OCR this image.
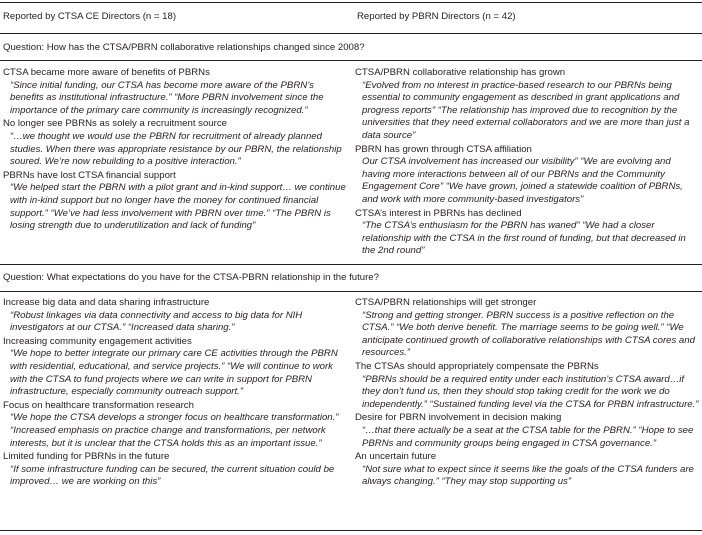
Reported by CTSA CE Directors (n = 18)	Reported by PBRN Directors (n = 42)
Question: How has the CTSA/PBRN collaborative relationships changed since 2008?

CTSA became more aware of benefits of PBRNs

“Since initial funding, our CTSA has become more aware of the PBRN’s benefits as institutional infrastructure.” “More PBRN involvement since the importance of the primary care community is increasingly recognized.”

No longer see PBRNs as solely a recruitment source

“…we thought we would use the PBRN for recruitment of already planned studies. When there was appropriate resistance by our PBRN, the relationship soured. We’re now rebuilding to a positive interaction.”

PBRNs have lost CTSA financial support

“We helped start the PBRN with a pilot grant and in-kind support… we continue with in-kind support but no longer have the money for continued financial support.” “We’ve had less involvement with PBRN over time.” “The PBRN is losing strength due to underutilization and lack of funding”

CTSA/PBRN collaborative relationship has grown

“Evolved from no interest in practice-based research to our PBRNs being essential to community engagement as described in grant applications and progress reports” “The relationship has improved due to recognition by the universities that they need external collaborators and we are more than just a data source”

PBRN has grown through CTSA affiliation

Our CTSA involvement has increased our visibility” “We are evolving and having more interactions between all of our PBRNs and the Community Engagement Core” “We have grown, joined a statewide coalition of PBRNs, and work with more community-based investigators”

CTSA’s interest in PBRNs has declined

“The CTSA’s enthusiasm for the PBRN has waned” “We had a closer relationship with the CTSA in the first round of funding, but that decreased in the 2nd round”

Question: What expectations do you have for the CTSA-PBRN relationship in the future?

Increase big data and data sharing infrastructure

“Robust linkages via data connectivity and access to big data for NIH investigators at our CTSA.” “Increased data sharing.”

Increasing community engagement activities

“We hope to better integrate our primary care CE activities through the PBRN with residential, educational, and service projects.” “We will continue to work with the CTSA to fund projects where we can write in support for PBRN infrastructure, especially community outreach support.”

Focus on healthcare transformation research

“We hope the CTSA develops a stronger focus on healthcare transformation.” “Increased emphasis on practice change and transformations, per network interests, but it is unclear that the CTSA holds this as an important issue.”

Limited funding for PBRNs in the future

“If some infrastructure funding can be secured, the current situation could be improved… we are working on this”

CTSA/PBRN relationships will get stronger

“Strong and getting stronger. PBRN success is a positive reflection on the CTSA.” “We both derive benefit. The marriage seems to be going well.” “We anticipate continued growth of collaborative relationships with CTSA cores and resources.”

The CTSAs should appropriately compensate the PBRNs

“PBRNs should be a required entity under each institution’s CTSA award…if they don’t fund us, then they should stop taking credit for the work we do independently.” “Sustained funding level via the CTSA for PRBN infrastructure.”

Desire for PBRN involvement in decision making

“…that there actually be a seat at the CTSA table for the PBRN.” “Hope to see PBRNs and community groups being engaged in CTSA governance.”

An uncertain future

“Not sure what to expect since it seems like the goals of the CTSA funders are always changing.” “They may stop supporting us”
